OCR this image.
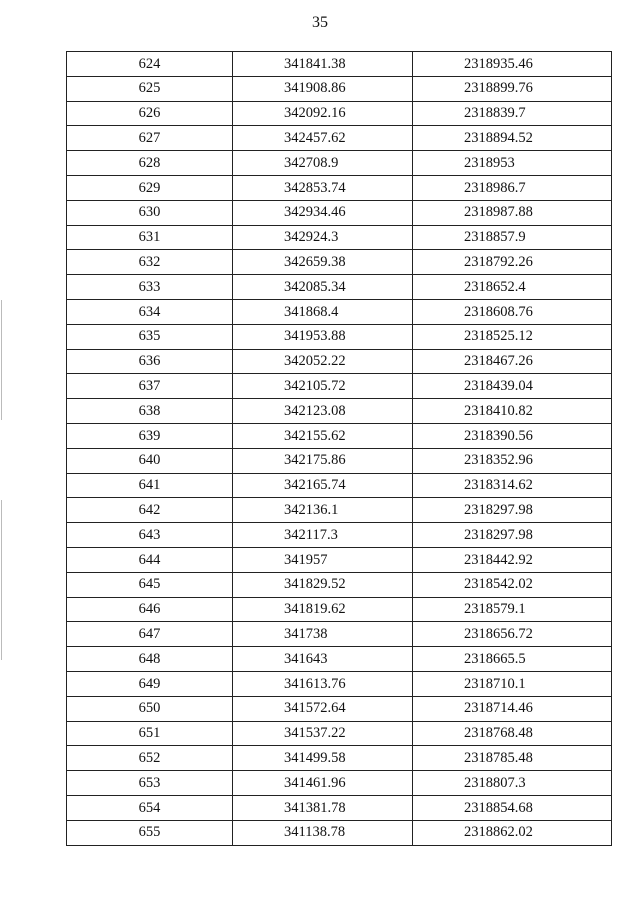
35
624	341841.38	2318935.46
625	341908.86	2318899.76
626	342092.16	2318839.7
627	342457.62	2318894.52
628	342708.9	2318953
629	342853.74	2318986.7
630	342934.46	2318987.88
631	342924.3	2318857.9
632	342659.38	2318792.26
633	342085.34	2318652.4
634	341868.4	2318608.76
635	341953.88	2318525.12
636	342052.22	2318467.26
637	342105.72	2318439.04
638	342123.08	2318410.82
639	342155.62	2318390.56
640	342175.86	2318352.96
641	342165.74	2318314.62
642	342136.1	2318297.98
643	342117.3	2318297.98
644	341957	2318442.92
645	341829.52	2318542.02
646	341819.62	2318579.1
647	341738	2318656.72
648	341643	2318665.5
649	341613.76	2318710.1
650	341572.64	2318714.46
651	341537.22	2318768.48
652	341499.58	2318785.48
653	341461.96	2318807.3
654	341381.78	2318854.68
655	341138.78	2318862.02
